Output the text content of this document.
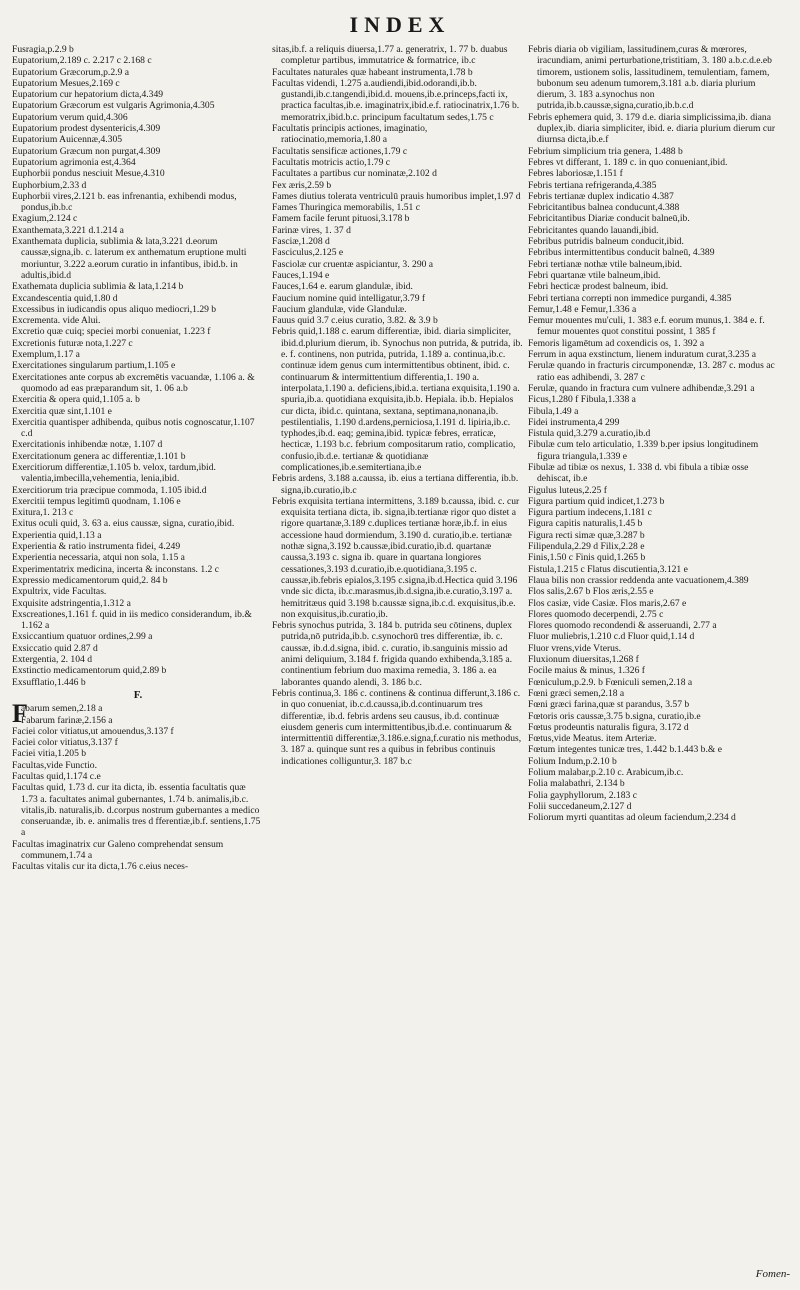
INDEX

Fusragia,p.2.9 b

Eupatorium,2.189 c. 2.217 c 2.168 c

Eupatorium Græcorum,p.2.9 a

Eupatorium Mesues,2.169 c

Eupatorium cur hepatorium dicta,4.349

Eupatorium Græcorum est vulgaris Agrimonia,4.305

Eupatorium verum quid,4.306

Eupatorium prodest dysentericis,4.309

Eupatorium Auicennæ,4.305

Eupatorium Græcum non purgat,4.309

Eupatorium agrimonia est,4.364

Euphorbii pondus nesciuit Mesue,4.310

Euphorbium,2.33 d

Euphorbii vires,2.121 b. eas infrenantia, exhibendi modus, pondus,ib.b.c

Exagium,2.124 c

Exanthemata,3.221 d.1.214 a

Exanthemata duplicia, sublimia & lata,3.221 d.eorum caussæ,signa,ib. c. laterum ex anthematum eruptione multi moriuntur, 3.222 a.eorum curatio in infantibus, ibid.b. in adultis,ibid.d

Exathemata duplicia sublimia & lata,1.214 b

Excandescentia quid,1.80 d

Excessibus in iudicandis opus aliquo mediocri,1.29 b

Excrementa. vide Alui.

Excretio quæ cuiq; speciei morbi conueniat, 1.223 f

Excretionis futuræ nota,1.227 c

Exemplum,1.17 a

Exercitationes singularum partium,1.105 e

Exercitationes ante corpus ab excremētis vacuandæ, 1.106 a. & quomodo ad eas præparandum sit, 1. 06 a.b

Exercitia & opera quid,1.105 a. b

Exercitia quæ sint,1.101 e

Exercitia quantisper adhibenda, quibus notis cognoscatur,1.107 c.d

Exercitationis inhibendæ notæ, 1.107 d

Exercitationum genera ac differentiæ,1.101 b

Exercitiorum differentiæ,1.105 b. velox, tardum,ibid. valentia,imbecilla,vehementia, lenia,ibid.

Exercitiorum tria præcipue commoda, 1.105 ibid.d

Exercitii tempus legitimū quodnam, 1.106 e

Exitura,1. 213 c

Exitus oculi quid, 3. 63 a. eius caussæ, signa, curatio,ibid.

Experientia quid,1.13 a

Experientia & ratio instrumenta fidei, 4.249

Experientia necessaria, atqui non sola, 1.15 a

Experimentatrix medicina, incerta & inconstans. 1.2 c

Expressio medicamentorum quid,2. 84 b

Expultrix, vide Facultas.

Exquisite adstringentia,1.312 a

Exscreationes,1.161 f. quid in iis medico considerandum, ib.& 1.162 a

Exsiccantium quatuor ordines,2.99 a

Exsiccatio quid 2.87 d

Extergentia, 2. 104 d

Exstinctio medicamentorum quid,2.89 b

Exsufflatio,1.446 b

F.

Fabarum semen,2.18 a

Fabarum farinæ,2.156 a

Faciei color vitiatus,ut amouendus,3.137 f

Faciei color vitiatus,3.137 f

Faciei vitia,1.205 b

Facultas,vide Functio.

Facultas quid,1.174 c.e

Facultas quid, 1.73 d. cur ita dicta, ib. essentia facultatis quæ 1.73 a. facultates animal gubernantes, 1.74 b. animalis,ib.c. vitalis,ib. naturalis,ib. d.corpus nostrum gubernantes a medico conseruandæ, ib. e. animalis tres d fferentiæ,ib.f. sentiens,1.75 a

Facultas imaginatrix cur Galeno comprehendat sensum communem,1.74 a

Facultas vitalis cur ita dicta,1.76 c.eius neces-

sitas,ib.f. a reliquis diuersa,1.77 a. generatrix, 1. 77 b. duabus completur partibus, immutatrice & formatrice, ib.c

Facultates naturales quæ habeant instrumenta,1.78 b

Facultas videndi, 1.275 a.audiendi,ibid.odorandi,ib.b. gustandi,ib.c.tangendi,ibid.d. mouens,ib.e.princeps,facti ix, practica facultas,ib.e. imaginatrix,ibid.e.f. ratiocinatrix,1.76 b. memoratrix,ibid.b.c. principum facultatum sedes,1.75 c

Facultatis principis actiones, imaginatio, ratiocinatio,memoria,1.80 a

Facultatis sensificæ actiones,1.79 c

Facultatis motricis actio,1.79 c

Facultates a partibus cur nominatæ,2.102 d

Fex æris,2.59 b

Fames diutius tolerata ventriculū prauis humoribus implet,1.97 d

Fames Thuringica memorabilis, 1.51 c

Famem facile ferunt pituosi,3.178 b

Farinæ vires, 1. 37 d

Fasciæ,1.208 d

Fasciculus,2.125 e

Fasciolæ cur cruentæ aspiciantur, 3. 290 a

Fauces,1.194 e

Fauces,1.64 e. earum glandulæ, ibid.

Faucium nomine quid intelligatur,3.79 f

Faucium glandulæ, vide Glandulæ.

Fauus quid 3.7 c.eius curatio, 3.82. & 3.9 b

Febris quid,1.188 c. earum differentiæ, ibid. diaria simpliciter, ibid.d.plurium dierum, ib. Synochus non putrida, & putrida, ib. e. f. continens, non putrida, putrida, 1.189 a. continua,ib.c. continuæ idem genus cum intermittentibus obtinent, ibid. c. continuarum & intermittentium differentia,1. 190 a. interpolata,1.190 a. deficiens,ibid.a. tertiana exquisita,1.190 a. spuria,ib.a. quotidiana exquisita,ib.b. Hepiala. ib.b. Hepialos cur dicta, ibid.c. quintana, sextana, septimana,nonana,ib. pestilentialis, 1.190 d.ardens,perniciosa,1.191 d. lipiria,ib.c. typhodes,ib.d. eaq; gemina,ibid. typicæ febres, erraticæ, hecticæ, 1.193 b.c. febrium compositarum ratio, complicatio, confusio,ib.d.e. tertianæ & quotidianæ complicationes,ib.e.semitertiana,ib.e

Febris ardens, 3.188 a.caussa, ib. eius a tertiana differentia, ib.b. signa,ib.curatio,ib.c

Febris exquisita tertiana intermittens, 3.189 b.caussa, ibid. c. cur exquisita tertiana dicta, ib. signa,ib.tertianæ rigor quo distet a rigore quartanæ,3.189 c.duplices tertianæ horæ,ib.f. in eius accessione haud dormiendum, 3.190 d. curatio,ib.e. tertianæ nothæ signa,3.192 b.caussæ,ibid.curatio,ib.d. quartanæ caussa,3.193 c. signa ib. quare in quartana longiores cessationes,3.193 d.curatio,ib.e.quotidiana,3.195 c. caussæ,ib.febris epialos,3.195 c.signa,ib.d.Hectica quid 3.196 vnde sic dicta, ib.c.marasmus,ib.d.signa,ib.e.curatio,3.197 a. hemitritæus quid 3.198 b.caussæ signa,ib.c.d. exquisitus,ib.e. non exquisitus,ib.curatio,ib.

Febris synochus putrida, 3. 184 b. putrida seu cōtinens, duplex putrida,nō putrida,ib.b. c.synochorū tres differentiæ, ib. c. caussæ, ib.d.d.signa, ibid. c. curatio, ib.sanguinis missio ad animi deliquium, 3.184 f. frigida quando exhibenda,3.185 a. continentium febrium duo maxima remedia, 3. 186 a. ea laborantes quando alendi, 3. 186 b.c.

Febris continua,3. 186 c. continens & continua differunt,3.186 c. in quo conueniat, ib.c.d.caussa,ib.d.continuarum tres differentiæ, ib.d. febris ardens seu causus, ib.d. continuæ eiusdem generis cum intermittentibus,ib.d.e. continuarum & intermittentiū differentiæ,3.186.e.signa,f.curatio nis methodus, 3. 187 a. quinque sunt res a quibus in febribus continuis indicationes colliguntur,3. 187 b.c

Febris diaria ob vigiliam, lassitudinem,curas & mœrores, iracundiam, animi perturbatione,tristitiam, 3. 180 a.b.c.d.e.eb timorem, ustionem solis, lassitudinem, temulentiam, famem, bubonum seu adenum tumorem,3.181 a.b. diaria plurium dierum, 3. 183 a.synochus non putrida,ib.b.caussæ,signa,curatio,ib.b.c.d

Febris ephemera quid, 3. 179 d.e. diaria simplicissima,ib. diana duplex,ib. diaria simpliciter, ibid. e. diaria plurium dierum cur diurnsa dicta,ib.e.f

Febrium simplicium tria genera, 1.488 b

Febres vt differant, 1. 189 c. in quo conueniant,ibid.

Febres laboriosæ,1.151 f

Febris tertiana refrigeranda,4.385

Febris tertianæ duplex indicatio 4.387

Febricitantibus balnea conducunt,4.388

Febricitantibus Diariæ conducit balneū,ib.

Febricitantes quando lauandi,ibid.

Febribus putridis balneum conducit,ibid.

Febribus intermittentibus conducit balneū, 4.389

Febri tertianæ nothæ vtile balneum,ibid.

Febri quartanæ vtile balneum,ibid.

Febri hecticæ prodest balneum, ibid.

Febri tertiana correpti non immedice purgandi, 4.385

Femur,1.48 e Femur,1.336 a

Femur mouentes mu'culi, 1. 383 e.f. eorum munus,1. 384 e. f. femur mouentes quot constitui possint, 1 385 f

Femoris ligamētum ad coxendicis os, 1. 392 a

Ferrum in aqua exstinctum, lienem induratum curat,3.235 a

Ferulæ quando in fracturis circumponendæ, 13. 287 c. modus ac ratio eas adhibendi, 3. 287 c

Ferulæ, quando in fractura cum vulnere adhibendæ,3.291 a

Ficus,1.280 f Fibula,1.338 a

Fibula,1.49 a

Fidei instrumenta,4 299

Fistula quid,3.279 a.curatio,ib.d

Fibulæ cum telo articulatio, 1.339 b.per ipsius longitudinem figura triangula,1.339 e

Fibulæ ad tibiæ os nexus, 1. 338 d. vbi fibula a tibiæ osse dehiscat, ib.e

Figulus luteus,2.25 f

Figura partium quid indicet,1.273 b

Figura partium indecens,1.181 c

Figura capitis naturalis,1.45 b

Figura recti simæ quæ,3.287 b

Filipendula,2.29 d Filix,2.28 e

Finis,1.50 c Finis quid,1.265 b

Fistula,1.215 c Flatus discutientia,3.121 e

Flaua bilis non crassior reddenda ante vacuationem,4.389

Flos salis,2.67 b Flos æris,2.55 e

Flos casiæ, vide Casiæ. Flos maris,2.67 e

Flores quomodo decerpendi, 2.75 c

Flores quomodo recondendi & asseruandi, 2.77 a

Fluor muliebris,1.210 c.d Fluor quid,1.14 d

Fluor vrens,vide Vterus.

Fluxionum diuersitas,1.268 f

Focile maius & minus, 1.326 f

Fœniculum,p.2.9. b Fœniculi semen,2.18 a

Fœni græci semen,2.18 a

Fœni græci farina,quæ st parandus, 3.57 b

Fœtoris oris caussæ,3.75 b.signa, curatio,ib.e

Fœtus prodeuntis naturalis figura, 3.172 d

Fœtus,vide Meatus. item Arteriæ.

Fœtum integentes tunicæ tres, 1.442 b.1.443 b.& e

Folium Indum,p.2.10 b

Folium malabar,p.2.10 c. Arabicum,ib.c.

Folia malabathri, 2.134 b

Folia gayphyllorum, 2.183 c

Folii succedaneum,2.127 d

Foliorum myrti quantitas ad oleum faciendum,2.234 d

Fomen-
